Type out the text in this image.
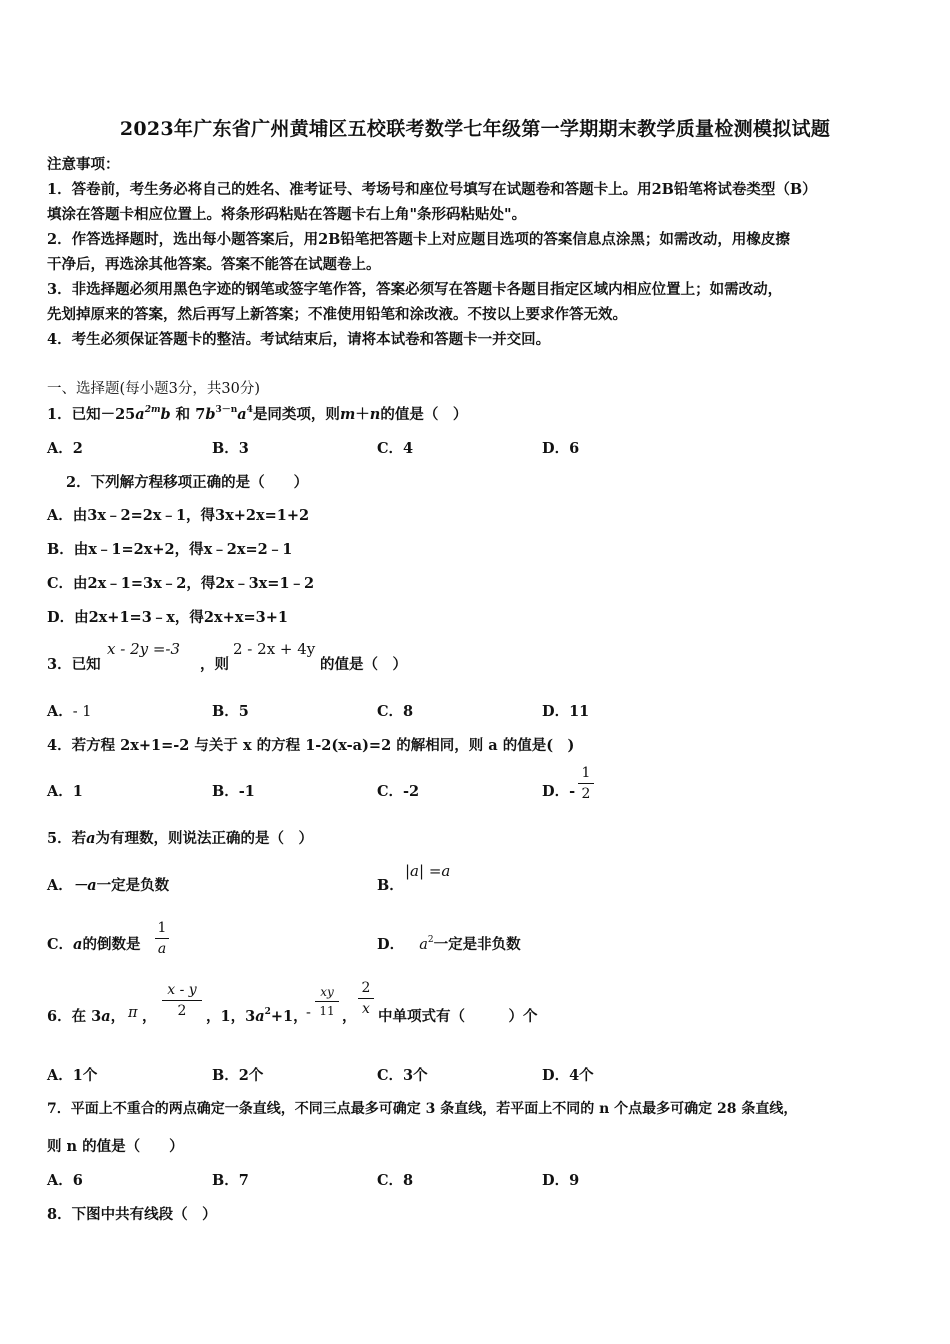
2023年广东省广州黄埔区五校联考数学七年级第一学期期末教学质量检测模拟试题
注意事项：
1．答卷前，考生务必将自己的姓名、准考证号、考场号和座位号填写在试题卷和答题卡上。用2B铅笔将试卷类型（B）
填涂在答题卡相应位置上。将条形码粘贴在答题卡右上角"条形码粘贴处"。
2．作答选择题时，选出每小题答案后，用2B铅笔把答题卡上对应题目选项的答案信息点涂黑；如需改动，用橡皮擦
干净后，再选涂其他答案。答案不能答在试题卷上。
3．非选择题必须用黑色字迹的钢笔或签字笔作答，答案必须写在答题卡各题目指定区域内相应位置上；如需改动，
先划掉原来的答案，然后再写上新答案；不准使用铅笔和涂改液。不按以上要求作答无效。
4．考生必须保证答题卡的整洁。考试结束后，请将本试卷和答题卡一并交回。
一、选择题(每小题3分，共30分)
1．已知$-25a^{2m}b$ 和 $7b^{3-n}a^4$是同类项，则m＋n的值是（　）
A．2	B．3	C．4	D．6
2．下列解方程移项正确的是（　　）
A．由3x﹣2=2x﹣1，得3x+2x=1+2
B．由x﹣1=2x+2，得x﹣2x=2﹣1
C．由2x﹣1=3x﹣2，得2x﹣3x=1﹣2
D．由2x+1=3﹣x，得2x+x=3+1
3．已知
x - 2y =-3
，则
2 - 2x + 4y
的值是（　）
A．- 1	B．5	C．8	D．11
4．若方程 2x+1=-2 与关于 x 的方程 1-2(x-a)=2 的解相同，则 a 的值是(　)
A．1	B．-1	C．-2	D．-
1
2
5．若a为有理数，则说法正确的是（　）
A．－a一定是负数	B．
|a| =a
C．a的倒数是
1
a	D． $a^2$一定是非负数
6．在 3a， π ，
x - y
2	，1，$3a^2+1$，
-
xy
11 ，
2
x 中单项式有（　　　）个
A．1个	B．2个	C．3个	D．4个
7．平面上不重合的两点确定一条直线，不同三点最多可确定 3 条直线，若平面上不同的 n 个点最多可确定 28 条直线，
则 n 的值是（　　）
A．6	B．7	C．8	D．9
8．下图中共有线段（　）
